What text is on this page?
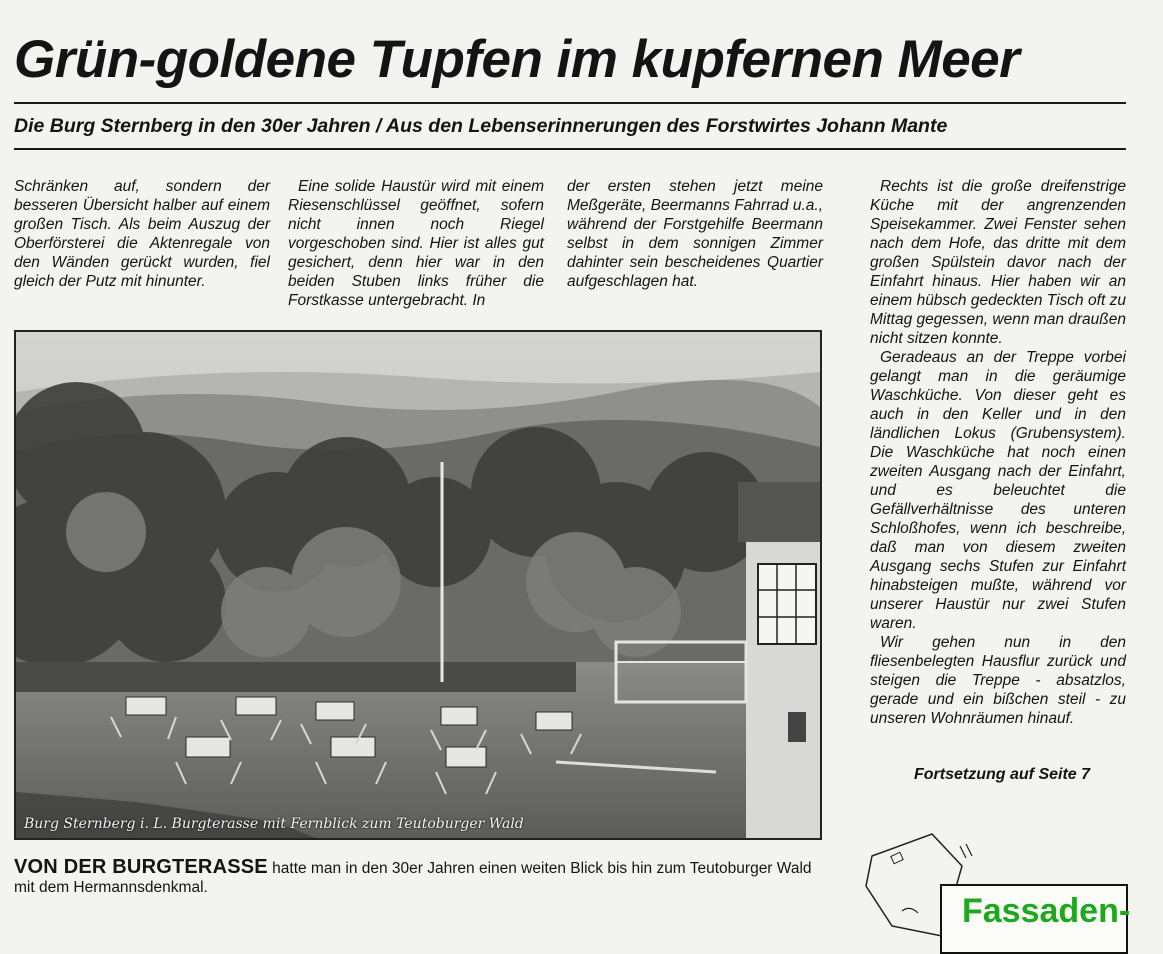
Grün-goldene Tupfen im kupfernen Meer
Die Burg Sternberg in den 30er Jahren / Aus den Lebenserinnerungen des Forstwirtes Johann Mante

Schränken auf, sondern der besseren Übersicht halber auf einem großen Tisch. Als beim Auszug der Oberförsterei die Aktenregale von den Wänden gerückt wurden, fiel gleich der Putz mit hinunter.

Eine solide Haustür wird mit einem Riesenschlüssel geöffnet, sofern nicht innen noch Riegel vorgeschoben sind. Hier ist alles gut gesichert, denn hier war in den beiden Stuben links früher die Forstkasse untergebracht. In

der ersten stehen jetzt meine Meßgeräte, Beermanns Fahrrad u.a., während der Forstgehilfe Beermann selbst in dem sonnigen Zimmer dahinter sein bescheidenes Quartier aufgeschlagen hat.

Rechts ist die große dreifenstrige Küche mit der angrenzenden Speisekammer. Zwei Fenster sehen nach dem Hofe, das dritte mit dem großen Spülstein davor nach der Einfahrt hinaus. Hier haben wir an einem hübsch gedeckten Tisch oft zu Mittag gegessen, wenn man draußen nicht sitzen konnte.

Geradeaus an der Treppe vorbei gelangt man in die geräumige Waschküche. Von dieser geht es auch in den Keller und in den ländlichen Lokus (Grubensystem). Die Waschküche hat noch einen zweiten Ausgang nach der Einfahrt, und es beleuchtet die Gefällverhältnisse des unteren Schloßhofes, wenn ich beschreibe, daß man von diesem zweiten Ausgang sechs Stufen zur Einfahrt hinabsteigen mußte, während vor unserer Haustür nur zwei Stufen waren.

Wir gehen nun in den fliesenbelegten Hausflur zurück und steigen die Treppe - absatzlos, gerade und ein bißchen steil - zu unseren Wohnräumen hinauf.

Fortsetzung auf Seite 7
Burg Sternberg i. L. Burgterasse mit Fernblick zum Teutoburger Wald
VON DER BURGTERASSE hatte man in den 30er Jahren einen weiten Blick bis hin zum Teutoburger Wald mit dem Hermannsdenkmal.
Fassaden-
